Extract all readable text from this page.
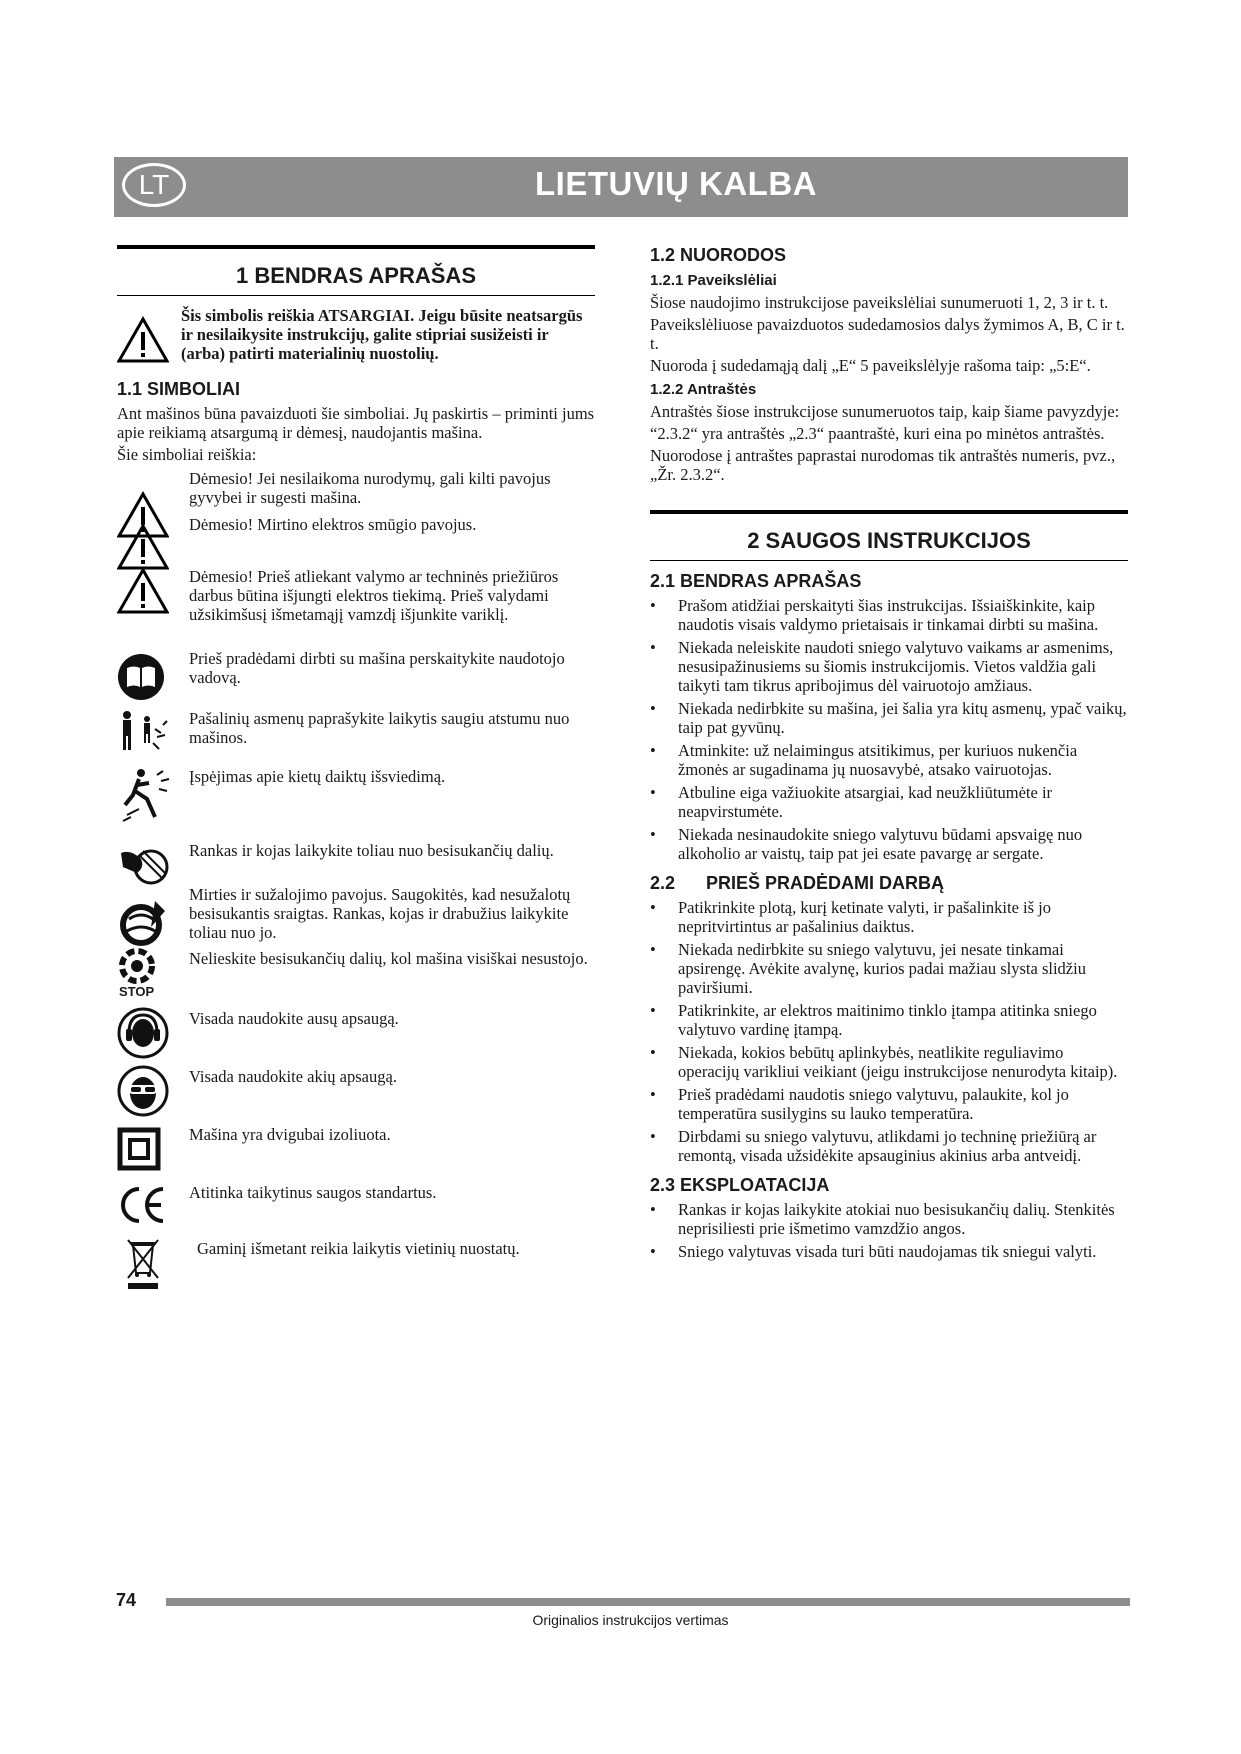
LT	LIETUVIŲ KALBA
1 BENDRAS APRAŠAS
Šis simbolis reiškia ATSARGIAI. Jeigu būsite neatsargūs ir nesilaikysite instrukcijų, galite stipriai susižeisti ir (arba) patirti materialinių nuostolių.
1.1 SIMBOLIAI

Ant mašinos būna pavaizduoti šie simboliai. Jų paskirtis – priminti jums apie reikiamą atsargumą ir dėmesį, naudojantis mašina.

Šie simboliai reiškia:

Dėmesio! Jei nesilaikoma nurodymų, gali kilti pavojus gyvybei ir sugesti mašina.
Dėmesio! Mirtino elektros smūgio pavojus.
Dėmesio! Prieš atliekant valymo ar techninės priežiūros darbus būtina išjungti elektros tiekimą. Prieš valydami užsikimšusį išmetamąjį vamzdį išjunkite variklį.
Prieš pradėdami dirbti su mašina perskaitykite naudotojo vadovą.
Pašalinių asmenų paprašykite laikytis saugiu atstumu nuo mašinos.
Įspėjimas apie kietų daiktų išsviedimą.
Rankas ir kojas laikykite toliau nuo besisukančių dalių.
Mirties ir sužalojimo pavojus. Saugokitės, kad nesužalotų besisukantis sraigtas. Rankas, kojas ir drabužius laikykite toliau nuo jo.
STOP
Nelieskite besisukančių dalių, kol mašina visiškai nesustojo.
Visada naudokite ausų apsaugą.
Visada naudokite akių apsaugą.
Mašina yra dvigubai izoliuota.
Atitinka taikytinus saugos standartus.
Gaminį išmetant reikia laikytis vietinių nuostatų.
1.2 NUORODOS
1.2.1 Paveikslėliai

Šiose naudojimo instrukcijose paveikslėliai sunumeruoti 1, 2, 3 ir t. t.

Paveikslėliuose pavaizduotos sudedamosios dalys žymimos A, B, C ir t. t.

Nuoroda į sudedamąją dalį „E“ 5 paveikslėlyje rašoma taip: „5:E“.

1.2.2 Antraštės

Antraštės šiose instrukcijose sunumeruotos taip, kaip šiame pavyzdyje:

“2.3.2“ yra antraštės „2.3“ paantraštė, kuri eina po minėtos antraštės.

Nuorodose į antraštes paprastai nurodomas tik antraštės numeris, pvz., „Žr. 2.3.2“.

2 SAUGOS INSTRUKCIJOS
2.1 BENDRAS APRAŠAS
• Prašom atidžiai perskaityti šias instrukcijas. Išsiaiškinkite, kaip naudotis visais valdymo prietaisais ir tinkamai dirbti su mašina.
• Niekada neleiskite naudoti sniego valytuvo vaikams ar asmenims, nesusipažinusiems su šiomis instrukcijomis. Vietos valdžia gali taikyti tam tikrus apribojimus dėl vairuotojo amžiaus.
• Niekada nedirbkite su mašina, jei šalia yra kitų asmenų, ypač vaikų, taip pat gyvūnų.
• Atminkite: už nelaimingus atsitikimus, per kuriuos nukenčia žmonės ar sugadinama jų nuosavybė, atsako vairuotojas.
• Atbuline eiga važiuokite atsargiai, kad neužkliūtumėte ir neapvirstumėte.
• Niekada nesinaudokite sniego valytuvu būdami apsvaigę nuo alkoholio ar vaistų, taip pat jei esate pavargę ar sergate.
2.2 PRIEŠ PRADĖDAMI DARBĄ
• Patikrinkite plotą, kurį ketinate valyti, ir pašalinkite iš jo nepritvirtintus ar pašalinius daiktus.
• Niekada nedirbkite su sniego valytuvu, jei nesate tinkamai apsirengę. Avėkite avalynę, kurios padai mažiau slysta slidžiu paviršiumi.
• Patikrinkite, ar elektros maitinimo tinklo įtampa atitinka sniego valytuvo vardinę įtampą.
• Niekada, kokios bebūtų aplinkybės, neatlikite reguliavimo operacijų varikliui veikiant (jeigu instrukcijose nenurodyta kitaip).
• Prieš pradėdami naudotis sniego valytuvu, palaukite, kol jo temperatūra susilygins su lauko temperatūra.
• Dirbdami su sniego valytuvu, atlikdami jo techninę priežiūrą ar remontą, visada užsidėkite apsauginius akinius arba antveidį.
2.3 EKSPLOATACIJA
• Rankas ir kojas laikykite atokiai nuo besisukančių dalių. Stenkitės neprisiliesti prie išmetimo vamzdžio angos.
• Sniego valytuvas visada turi būti naudojamas tik sniegui valyti.
74
Originalios instrukcijos vertimas
